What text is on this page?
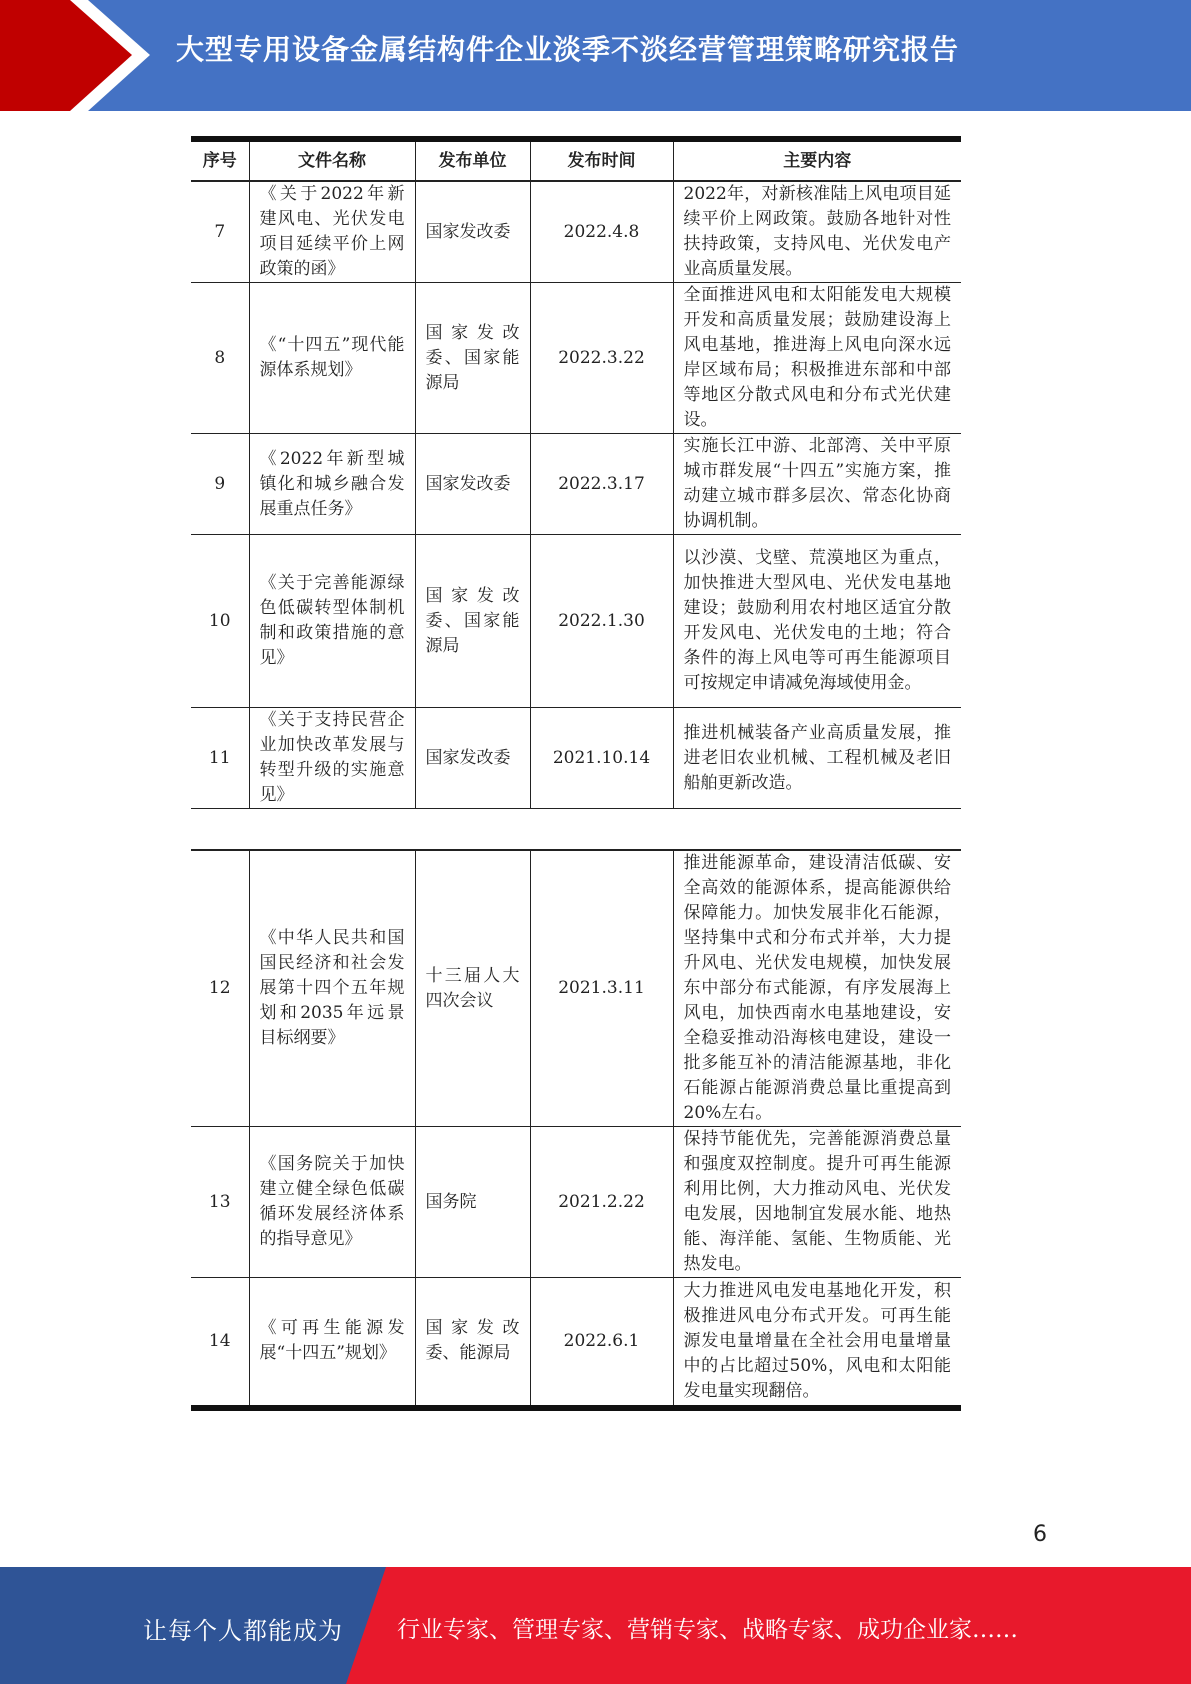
大型专用设备金属结构件企业淡季不淡经营管理策略研究报告
序号	文件名称	发布单位	发布时间	主要内容
7	《关于2022年新建风电、光伏发电项目延续平价上网政策的函》	国家发改委	2022.4.8	2022年，对新核准陆上风电项目延续平价上网政策。鼓励各地针对性扶持政策，支持风电、光伏发电产业高质量发展。
8	《“十四五”现代能源体系规划》	国家发改委、国家能源局	2022.3.22	全面推进风电和太阳能发电大规模开发和高质量发展；鼓励建设海上风电基地，推进海上风电向深水远岸区域布局；积极推进东部和中部等地区分散式风电和分布式光伏建设。
9	《2022年新型城镇化和城乡融合发展重点任务》	国家发改委	2022.3.17	实施长江中游、北部湾、关中平原城市群发展“十四五”实施方案，推动建立城市群多层次、常态化协商协调机制。
10	《关于完善能源绿色低碳转型体制机制和政策措施的意见》	国家发改委、国家能源局	2022.1.30	以沙漠、戈壁、荒漠地区为重点，加快推进大型风电、光伏发电基地建设；鼓励利用农村地区适宜分散开发风电、光伏发电的土地；符合条件的海上风电等可再生能源项目可按规定申请减免海域使用金。
11	《关于支持民营企业加快改革发展与转型升级的实施意见》	国家发改委	2021.10.14	推进机械装备产业高质量发展，推进老旧农业机械、工程机械及老旧船舶更新改造。
12	《中华人民共和国国民经济和社会发展第十四个五年规划和2035年远景目标纲要》	十三届人大四次会议	2021.3.11	推进能源革命，建设清洁低碳、安全高效的能源体系，提高能源供给保障能力。加快发展非化石能源，坚持集中式和分布式并举，大力提升风电、光伏发电规模，加快发展东中部分布式能源，有序发展海上风电，加快西南水电基地建设，安全稳妥推动沿海核电建设，建设一批多能互补的清洁能源基地，非化石能源占能源消费总量比重提高到20%左右。
13	《国务院关于加快建立健全绿色低碳循环发展经济体系的指导意见》	国务院	2021.2.22	保持节能优先，完善能源消费总量和强度双控制度。提升可再生能源利用比例，大力推动风电、光伏发电发展，因地制宜发展水能、地热能、海洋能、氢能、生物质能、光热发电。
14	《可再生能源发展“十四五”规划》	国家发改委、能源局	2022.6.1	大力推进风电发电基地化开发，积极推进风电分布式开发。可再生能源发电量增量在全社会用电量增量中的占比超过50%，风电和太阳能发电量实现翻倍。
6
让每个人都能成为 行业专家、管理专家、营销专家、战略专家、成功企业家……
